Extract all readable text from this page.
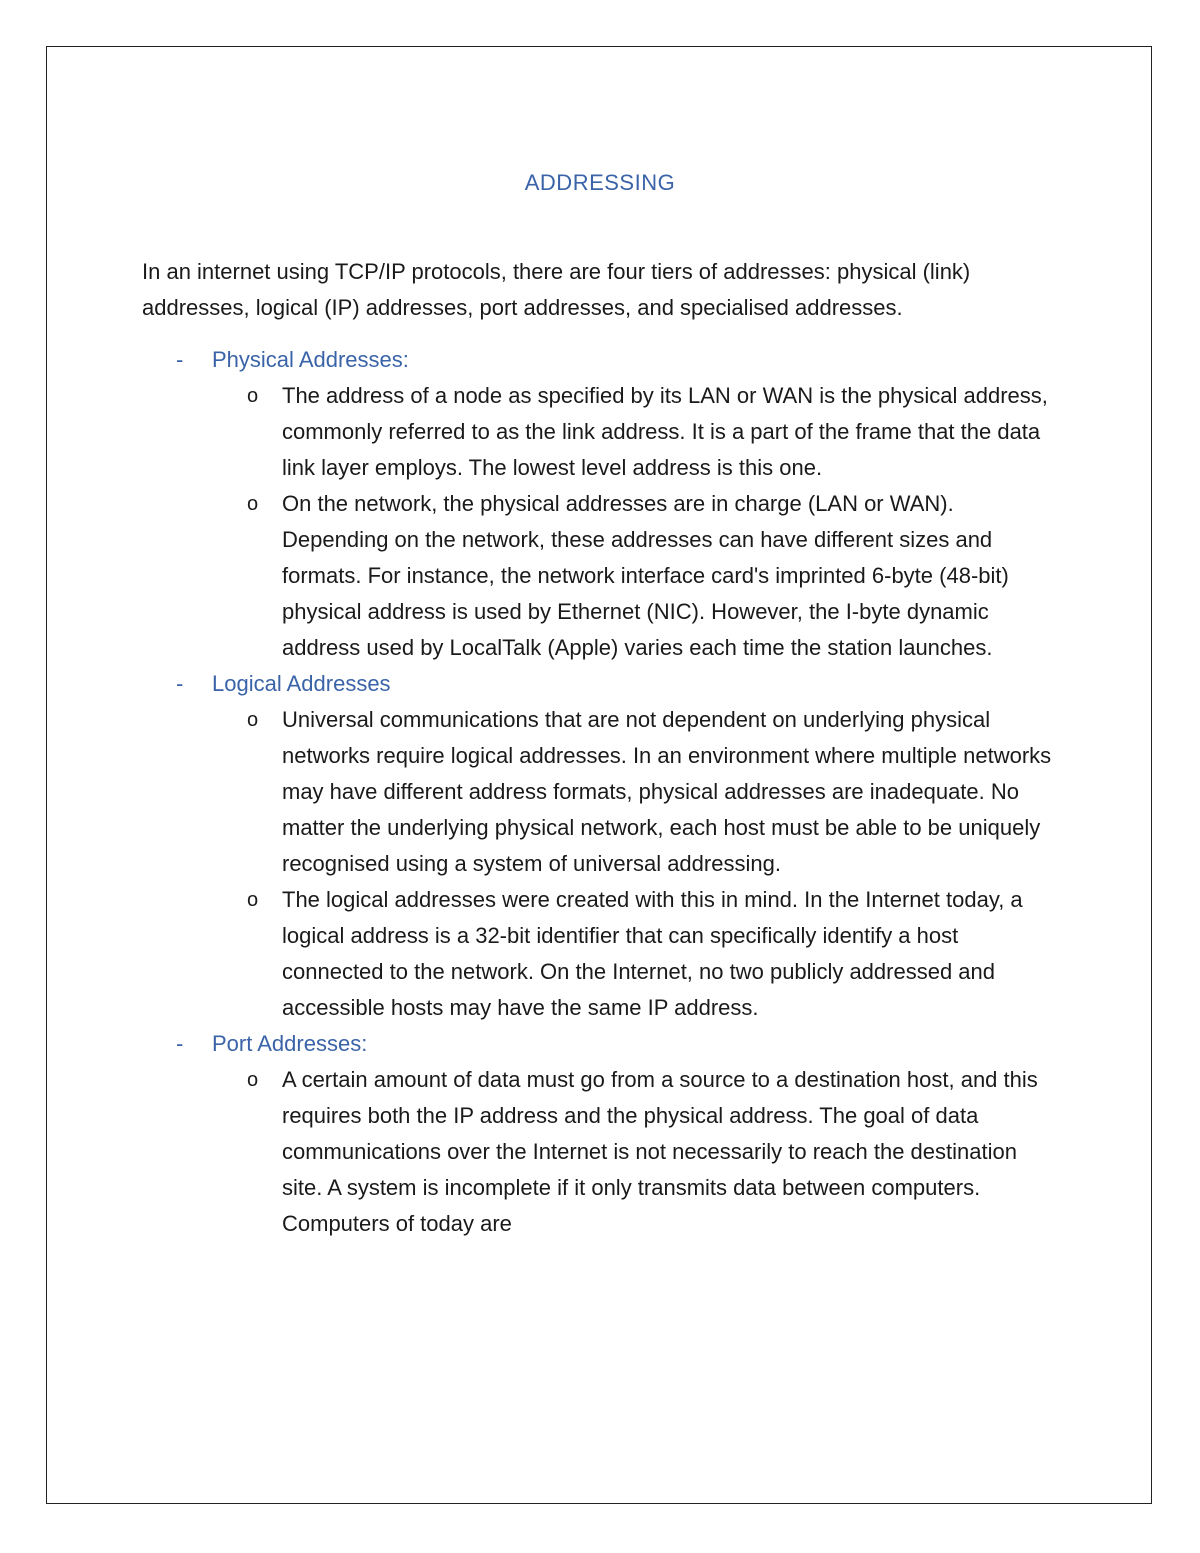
ADDRESSING
In an internet using TCP/IP protocols, there are four tiers of addresses: physical (link) addresses, logical (IP) addresses, port addresses, and specialised addresses.
- Physical Addresses:
o The address of a node as specified by its LAN or WAN is the physical address, commonly referred to as the link address. It is a part of the frame that the data link layer employs. The lowest level address is this one.
o On the network, the physical addresses are in charge (LAN or WAN). Depending on the network, these addresses can have different sizes and formats. For instance, the network interface card's imprinted 6-byte (48-bit) physical address is used by Ethernet (NIC). However, the I-byte dynamic address used by LocalTalk (Apple) varies each time the station launches.
- Logical Addresses
o Universal communications that are not dependent on underlying physical networks require logical addresses. In an environment where multiple networks may have different address formats, physical addresses are inadequate. No matter the underlying physical network, each host must be able to be uniquely recognised using a system of universal addressing.
o The logical addresses were created with this in mind. In the Internet today, a logical address is a 32-bit identifier that can specifically identify a host connected to the network. On the Internet, no two publicly addressed and accessible hosts may have the same IP address.
- Port Addresses:
o A certain amount of data must go from a source to a destination host, and this requires both the IP address and the physical address. The goal of data communications over the Internet is not necessarily to reach the destination site. A system is incomplete if it only transmits data between computers. Computers of today are
